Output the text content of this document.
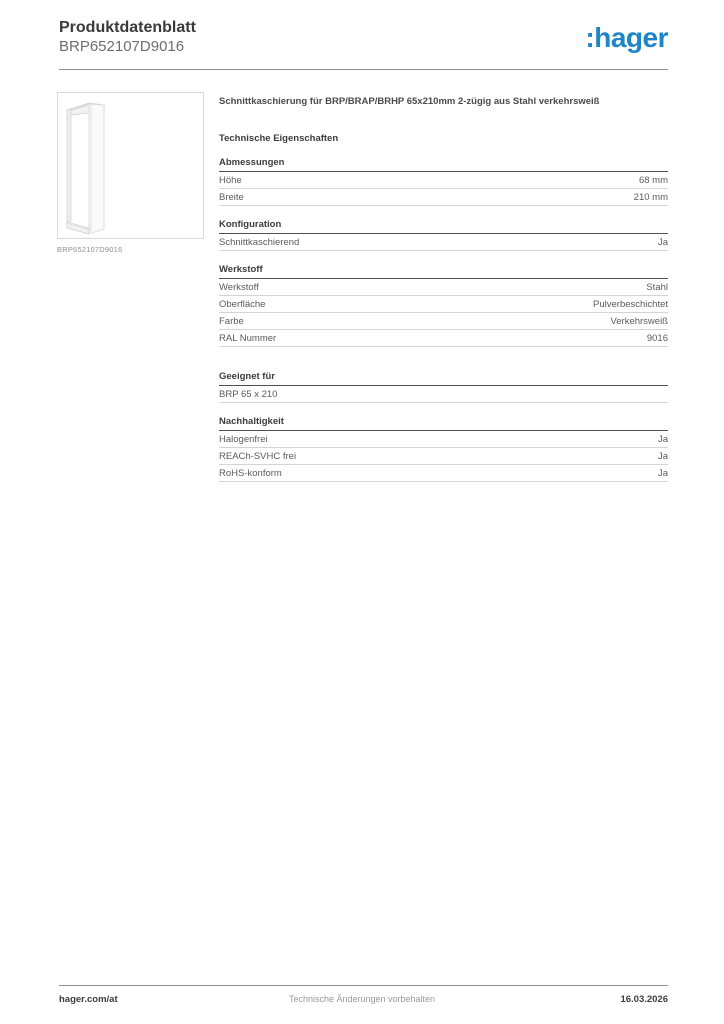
Produktdatenblatt
BRP652107D9016	:hager
BRP652107D9016
Schnittkaschierung für BRP/BRAP/BRHP 65x210mm 2-zügig aus Stahl verkehrsweiß
Technische Eigenschaften
Abmessungen
Höhe	68 mm
Breite	210 mm
Konfiguration
Schnittkaschierend	Ja
Werkstoff
Werkstoff	Stahl
Oberfläche	Pulverbeschichtet
Farbe	Verkehrsweiß
RAL Nummer	9016
Geeignet für
BRP 65 x 210
Nachhaltigkeit
Halogenfrei	Ja
REACh-SVHC frei	Ja
RoHS-konform	Ja
hager.com/at	Technische Änderungen vorbehalten	16.03.2026
